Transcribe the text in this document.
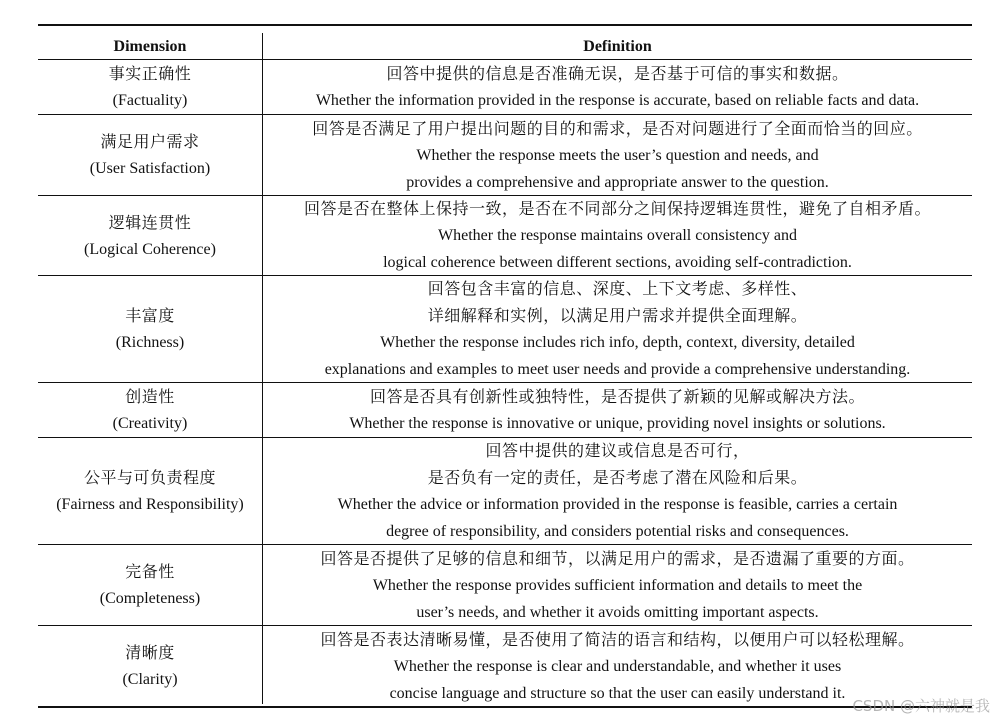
Dimension	Definition
事实正确性
(Factuality)
回答中提供的信息是否准确无误，是否基于可信的事实和数据。
Whether the information provided in the response is accurate, based on reliable facts and data.
满足用户需求
(User Satisfaction)
回答是否满足了用户提出问题的目的和需求，是否对问题进行了全面而恰当的回应。
Whether the response meets the user’s question and needs, and
provides a comprehensive and appropriate answer to the question.
逻辑连贯性
(Logical Coherence)
回答是否在整体上保持一致，是否在不同部分之间保持逻辑连贯性，避免了自相矛盾。
Whether the response maintains overall consistency and
logical coherence between different sections, avoiding self-contradiction.
丰富度
(Richness)
回答包含丰富的信息、深度、上下文考虑、多样性、
详细解释和实例，以满足用户需求并提供全面理解。
Whether the response includes rich info, depth, context, diversity, detailed
explanations and examples to meet user needs and provide a comprehensive understanding.
创造性
(Creativity)
回答是否具有创新性或独特性，是否提供了新颖的见解或解决方法。
Whether the response is innovative or unique, providing novel insights or solutions.
公平与可负责程度
(Fairness and Responsibility)
回答中提供的建议或信息是否可行，
是否负有一定的责任，是否考虑了潜在风险和后果。
Whether the advice or information provided in the response is feasible, carries a certain
degree of responsibility, and considers potential risks and consequences.
完备性
(Completeness)
回答是否提供了足够的信息和细节，以满足用户的需求，是否遗漏了重要的方面。
Whether the response provides sufficient information and details to meet the
user’s needs, and whether it avoids omitting important aspects.
清晰度
(Clarity)
回答是否表达清晰易懂，是否使用了简洁的语言和结构，以便用户可以轻松理解。
Whether the response is clear and understandable, and whether it uses
concise language and structure so that the user can easily understand it.
CSDN @六神就是我
